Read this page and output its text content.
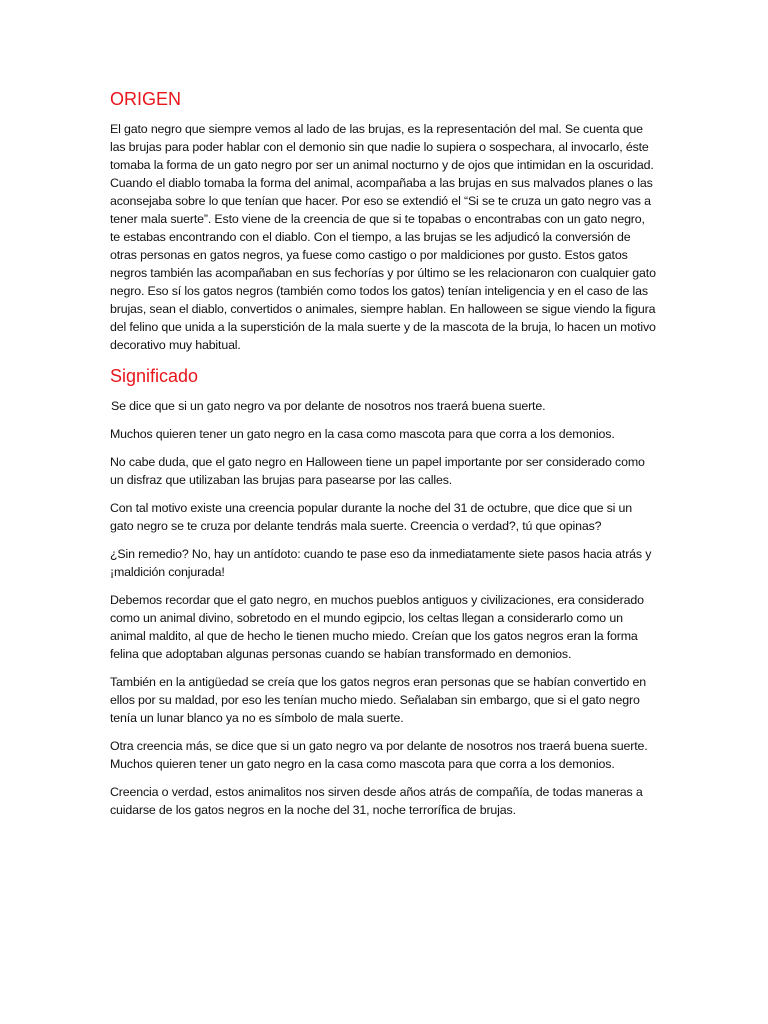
ORIGEN

El gato negro que siempre vemos al lado de las brujas, es la representación del mal. Se cuenta que las brujas para poder hablar con el demonio sin que nadie lo supiera o sospechara, al invocarlo, éste tomaba la forma de un gato negro por ser un animal nocturno y de ojos que intimidan en la oscuridad. Cuando el diablo tomaba la forma del animal, acompañaba a las brujas en sus malvados planes o las aconsejaba sobre lo que tenían que hacer. Por eso se extendió el “Si se te cruza un gato negro vas a tener mala suerte”. Esto viene de la creencia de que si te topabas o encontrabas con un gato negro, te estabas encontrando con el diablo. Con el tiempo, a las brujas se les adjudicó la conversión de otras personas en gatos negros, ya fuese como castigo o por maldiciones por gusto. Estos gatos negros también las acompañaban en sus fechorías y por último se les relacionaron con cualquier gato negro. Eso sí los gatos negros (también como todos los gatos) tenían inteligencia y en el caso de las brujas, sean el diablo, convertidos o animales, siempre hablan. En halloween se sigue viendo la figura del felino que unida a la superstición de la mala suerte y de la mascota de la bruja, lo hacen un motivo decorativo muy habitual.

Significado

Se dice que si un gato negro va por delante de nosotros nos traerá buena suerte.

Muchos quieren tener un gato negro en la casa como mascota para que corra a los demonios.

No cabe duda, que el gato negro en Halloween tiene un papel importante por ser considerado como un disfraz que utilizaban las brujas para pasearse por las calles.

Con tal motivo existe una creencia popular durante la noche del 31 de octubre, que dice que si un gato negro se te cruza por delante tendrás mala suerte. Creencia o verdad?, tú que opinas?

¿Sin remedio? No, hay un antídoto: cuando te pase eso da inmediatamente siete pasos hacia atrás y ¡maldición conjurada!

Debemos recordar que el gato negro, en muchos pueblos antiguos y civilizaciones, era considerado como un animal divino, sobretodo en el mundo egipcio, los celtas llegan a considerarlo como un animal maldito, al que de hecho le tienen mucho miedo. Creían que los gatos negros eran la forma felina que adoptaban algunas personas cuando se habían transformado en demonios.

También en la antigüedad se creía que los gatos negros eran personas que se habían convertido en ellos por su maldad, por eso les tenían mucho miedo. Señalaban sin embargo, que si el gato negro tenía un lunar blanco ya no es símbolo de mala suerte.

Otra creencia más, se dice que si un gato negro va por delante de nosotros nos traerá buena suerte. Muchos quieren tener un gato negro en la casa como mascota para que corra a los demonios.

Creencia o verdad, estos animalitos nos sirven desde años atrás de compañía, de todas maneras a cuidarse de los gatos negros en la noche del 31, noche terrorífica de brujas.
